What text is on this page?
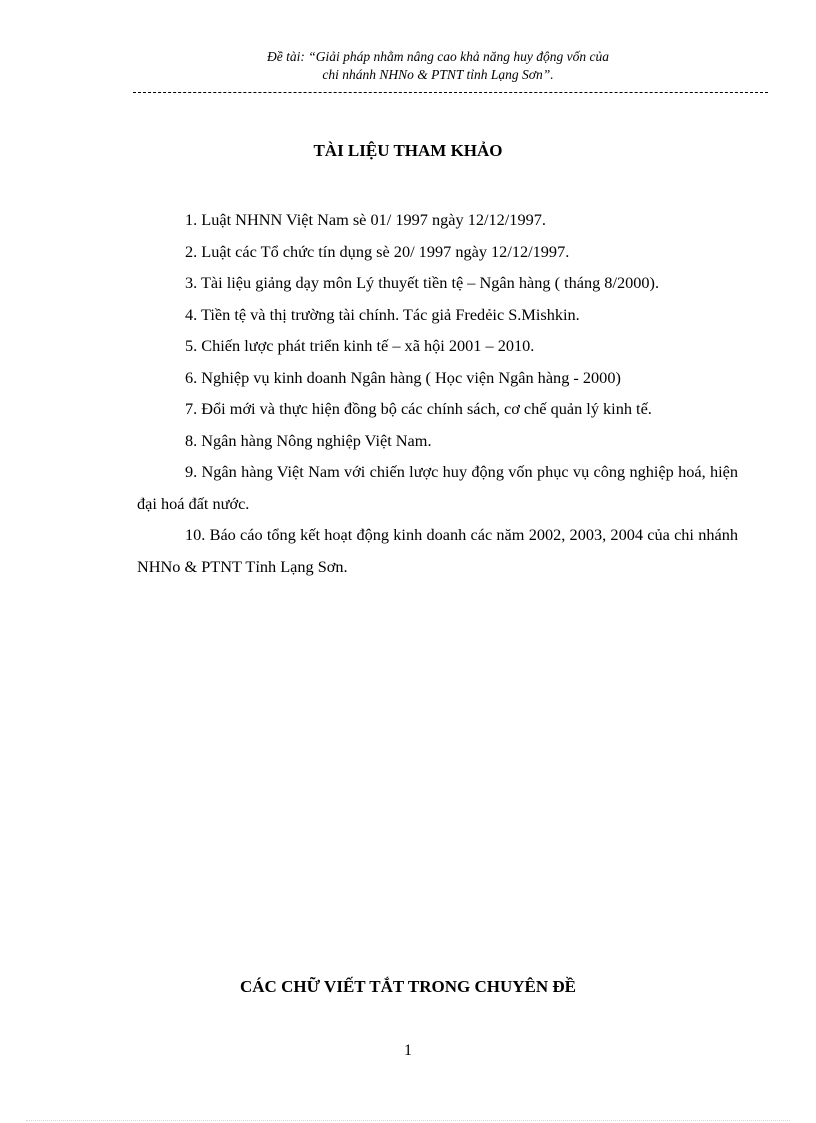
Đề tài: “Giải pháp nhằm nâng cao khả năng huy động vốn của
chi nhánh NHNo & PTNT tỉnh Lạng Sơn”.
TÀI LIỆU THAM KHẢO

1. Luật NHNN Việt Nam sè 01/ 1997 ngày 12/12/1997.

2. Luật các Tổ chức tín dụng sè 20/ 1997 ngày 12/12/1997.

3. Tài liệu giảng dạy môn Lý thuyết tiền tệ – Ngân hàng ( tháng 8/2000).

4. Tiền tệ và thị trường tài chính. Tác giả Fredẻic S.Mishkin.

5. Chiến lược phát triển kinh tế – xã hội 2001 – 2010.

6. Nghiệp vụ kinh doanh Ngân hàng ( Học viện Ngân hàng - 2000)

7. Đổi mới và thực hiện đồng bộ các chính sách, cơ chế quản lý kinh tế.

8. Ngân hàng Nông nghiệp Việt Nam.

9. Ngân hàng Việt Nam với chiến lược huy động vốn phục vụ công nghiệp hoá, hiện đại hoá đất nước.

10. Báo cáo tổng kết hoạt động kinh doanh các năm 2002, 2003, 2004 của chi nhánh NHNo & PTNT Tỉnh Lạng Sơn.

CÁC CHỮ VIẾT TẮT TRONG CHUYÊN ĐỀ
1
